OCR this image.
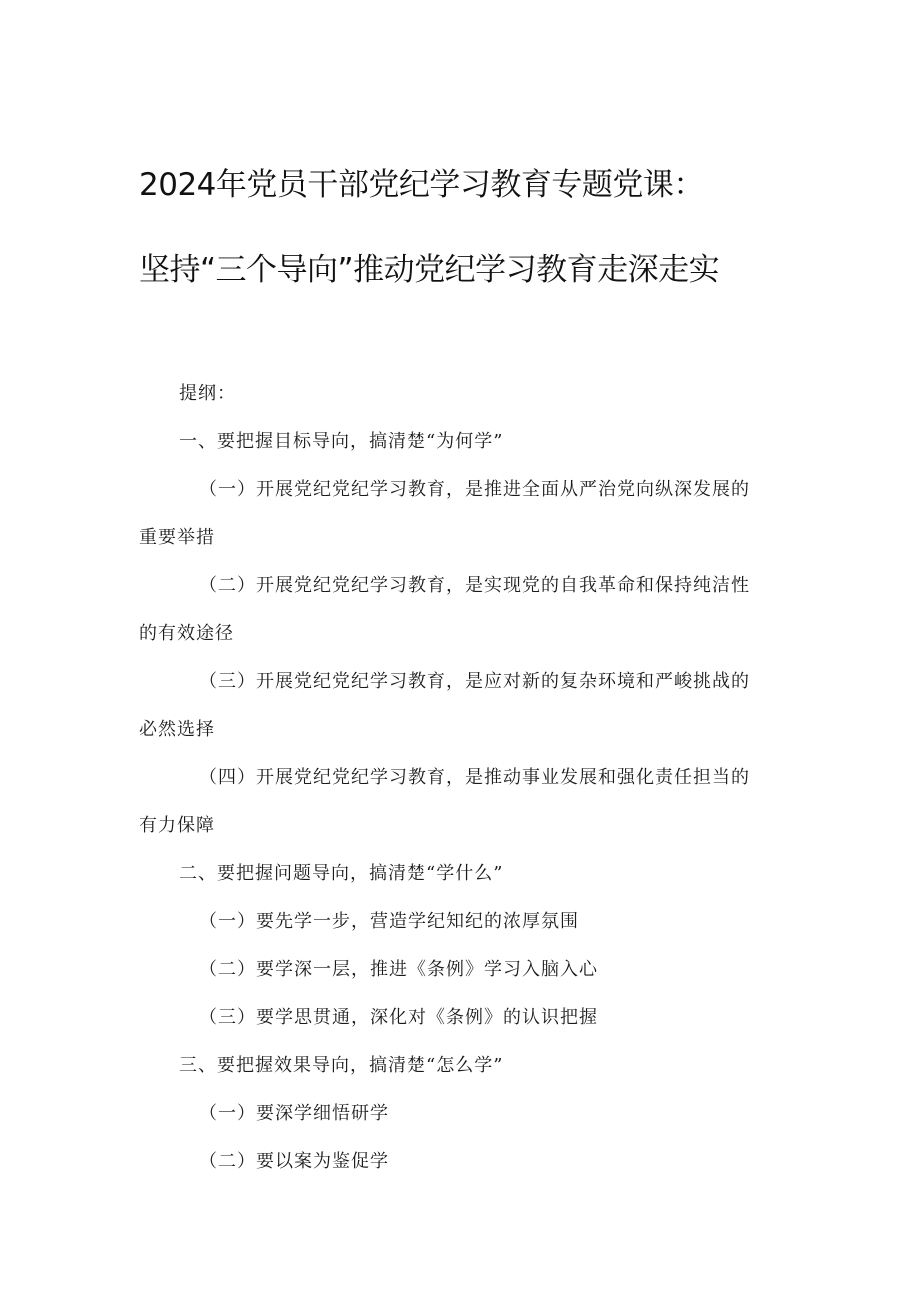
2024年党员干部党纪学习教育专题党课：
坚持“三个导向”推动党纪学习教育走深走实

提纲：

一、要把握目标导向，搞清楚“为何学”

（一）开展党纪党纪学习教育，是推进全面从严治党向纵深发展的

重要举措

（二）开展党纪党纪学习教育，是实现党的自我革命和保持纯洁性

的有效途径

（三）开展党纪党纪学习教育，是应对新的复杂环境和严峻挑战的

必然选择

（四）开展党纪党纪学习教育，是推动事业发展和强化责任担当的

有力保障

二、要把握问题导向，搞清楚“学什么”

（一）要先学一步，营造学纪知纪的浓厚氛围

（二）要学深一层，推进《条例》学习入脑入心

（三）要学思贯通，深化对《条例》的认识把握

三、要把握效果导向，搞清楚“怎么学”

（一）要深学细悟研学

（二）要以案为鉴促学
